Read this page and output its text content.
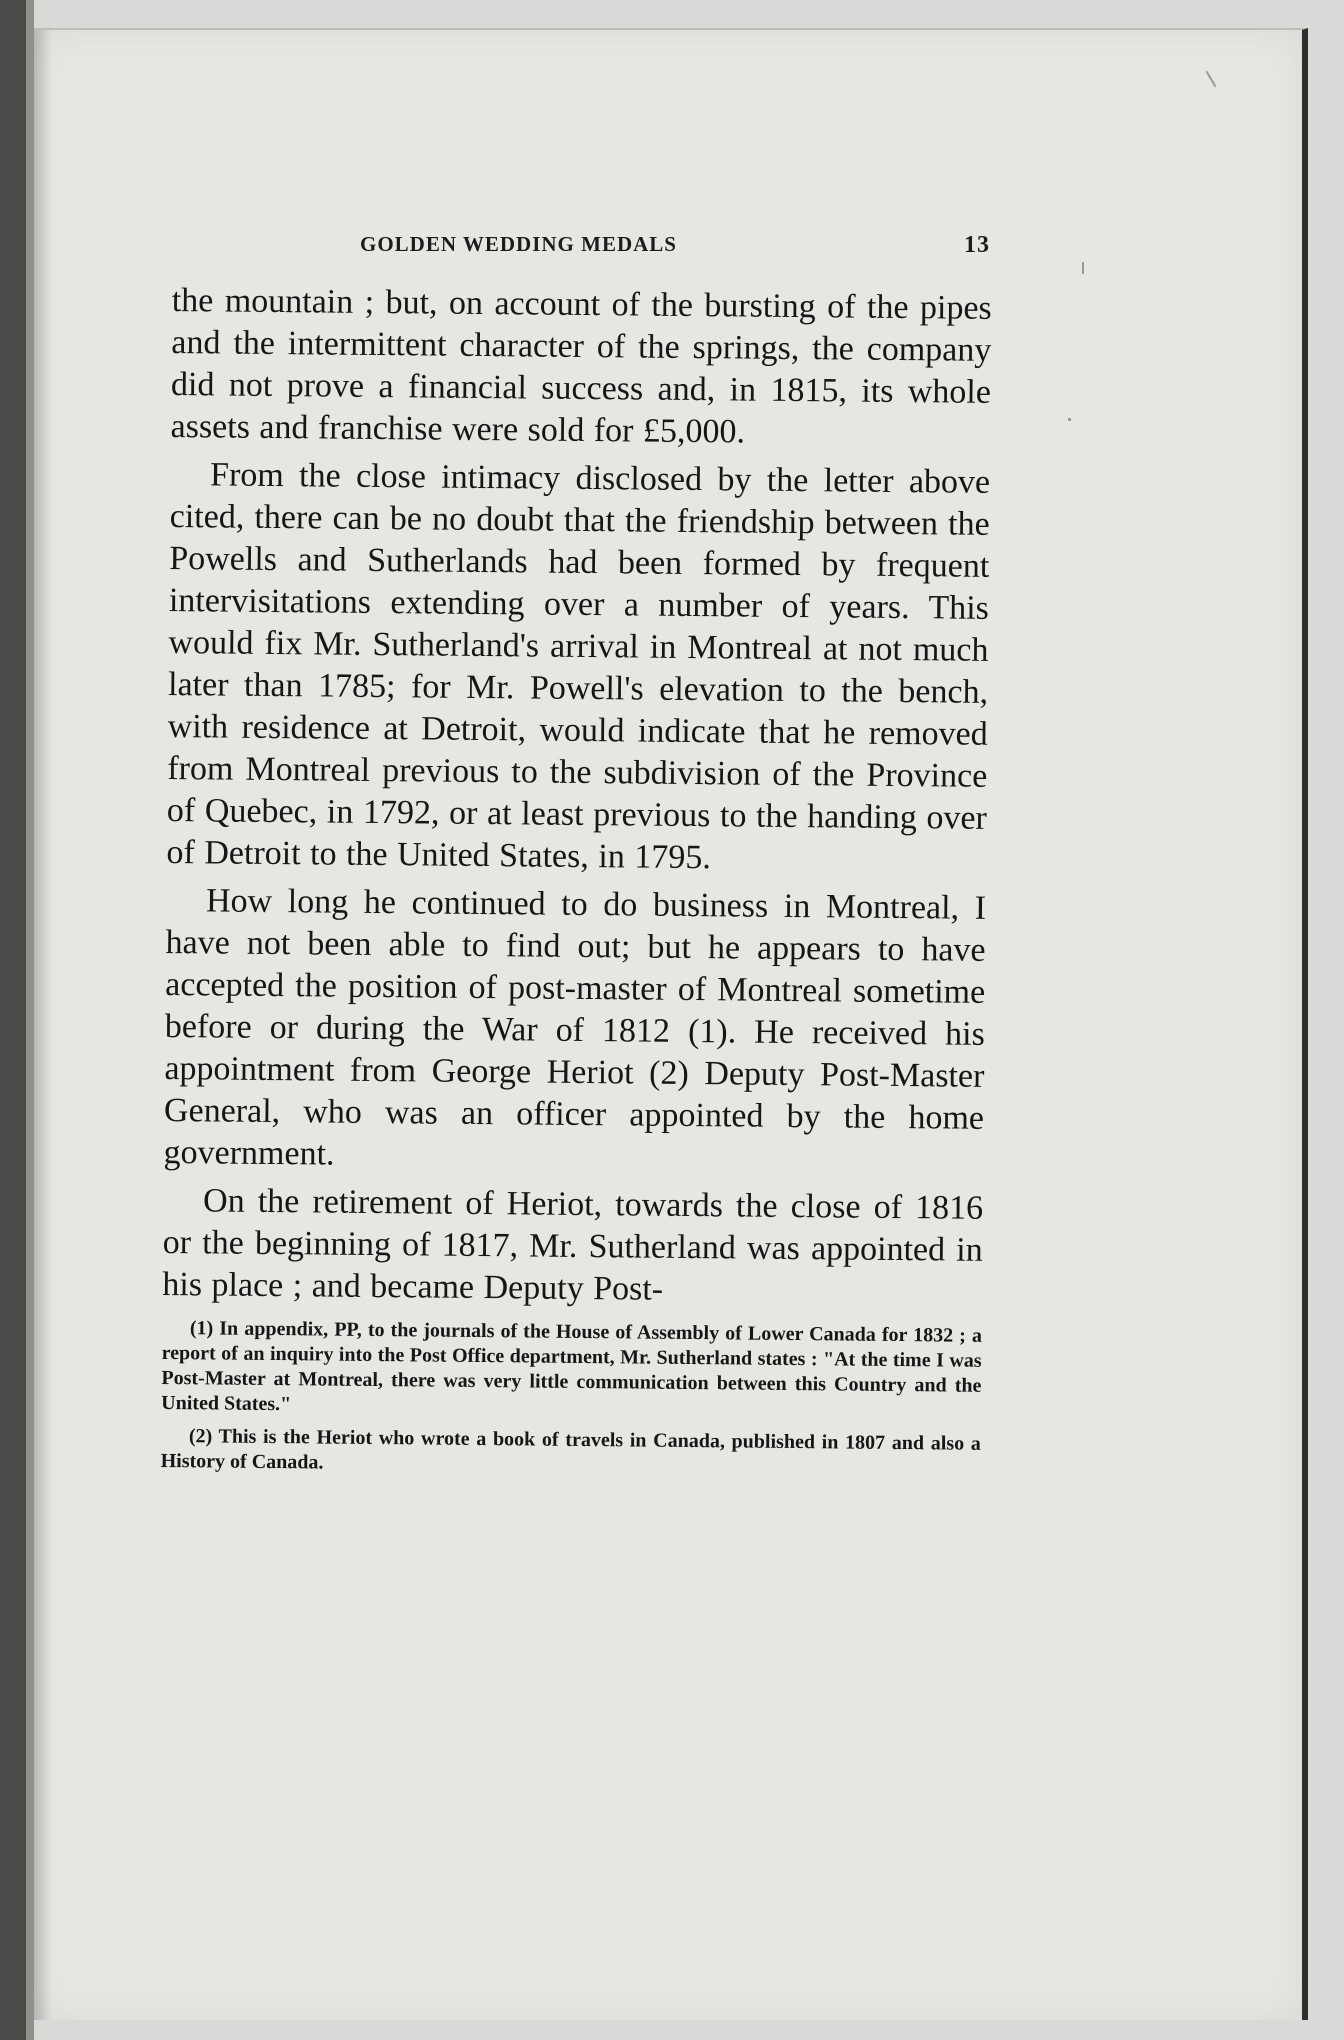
GOLDEN WEDDING MEDALS	13

the mountain ; but, on account of the bursting of the pipes and the intermittent character of the springs, the company did not prove a financial success and, in 1815, its whole assets and franchise were sold for £5,000.

From the close intimacy disclosed by the letter above cited, there can be no doubt that the friendship between the Powells and Sutherlands had been formed by frequent intervisitations extending over a number of years. This would fix Mr. Sutherland's arrival in Montreal at not much later than 1785; for Mr. Powell's elevation to the bench, with residence at Detroit, would indicate that he removed from Montreal previous to the subdivision of the Province of Quebec, in 1792, or at least previous to the handing over of Detroit to the United States, in 1795.

How long he continued to do business in Montreal, I have not been able to find out; but he appears to have accepted the position of post-master of Montreal sometime before or during the War of 1812 (1). He received his appointment from George Heriot (2) Deputy Post-Master General, who was an officer appointed by the home government.

On the retirement of Heriot, towards the close of 1816 or the beginning of 1817, Mr. Sutherland was appointed in his place ; and became Deputy Post-

(1) In appendix, PP, to the journals of the House of Assembly of Lower Canada for 1832 ; a report of an inquiry into the Post Office department, Mr. Sutherland states : "At the time I was Post-Master at Montreal, there was very little communication between this Country and the United States."

(2) This is the Heriot who wrote a book of travels in Canada, published in 1807 and also a History of Canada.
